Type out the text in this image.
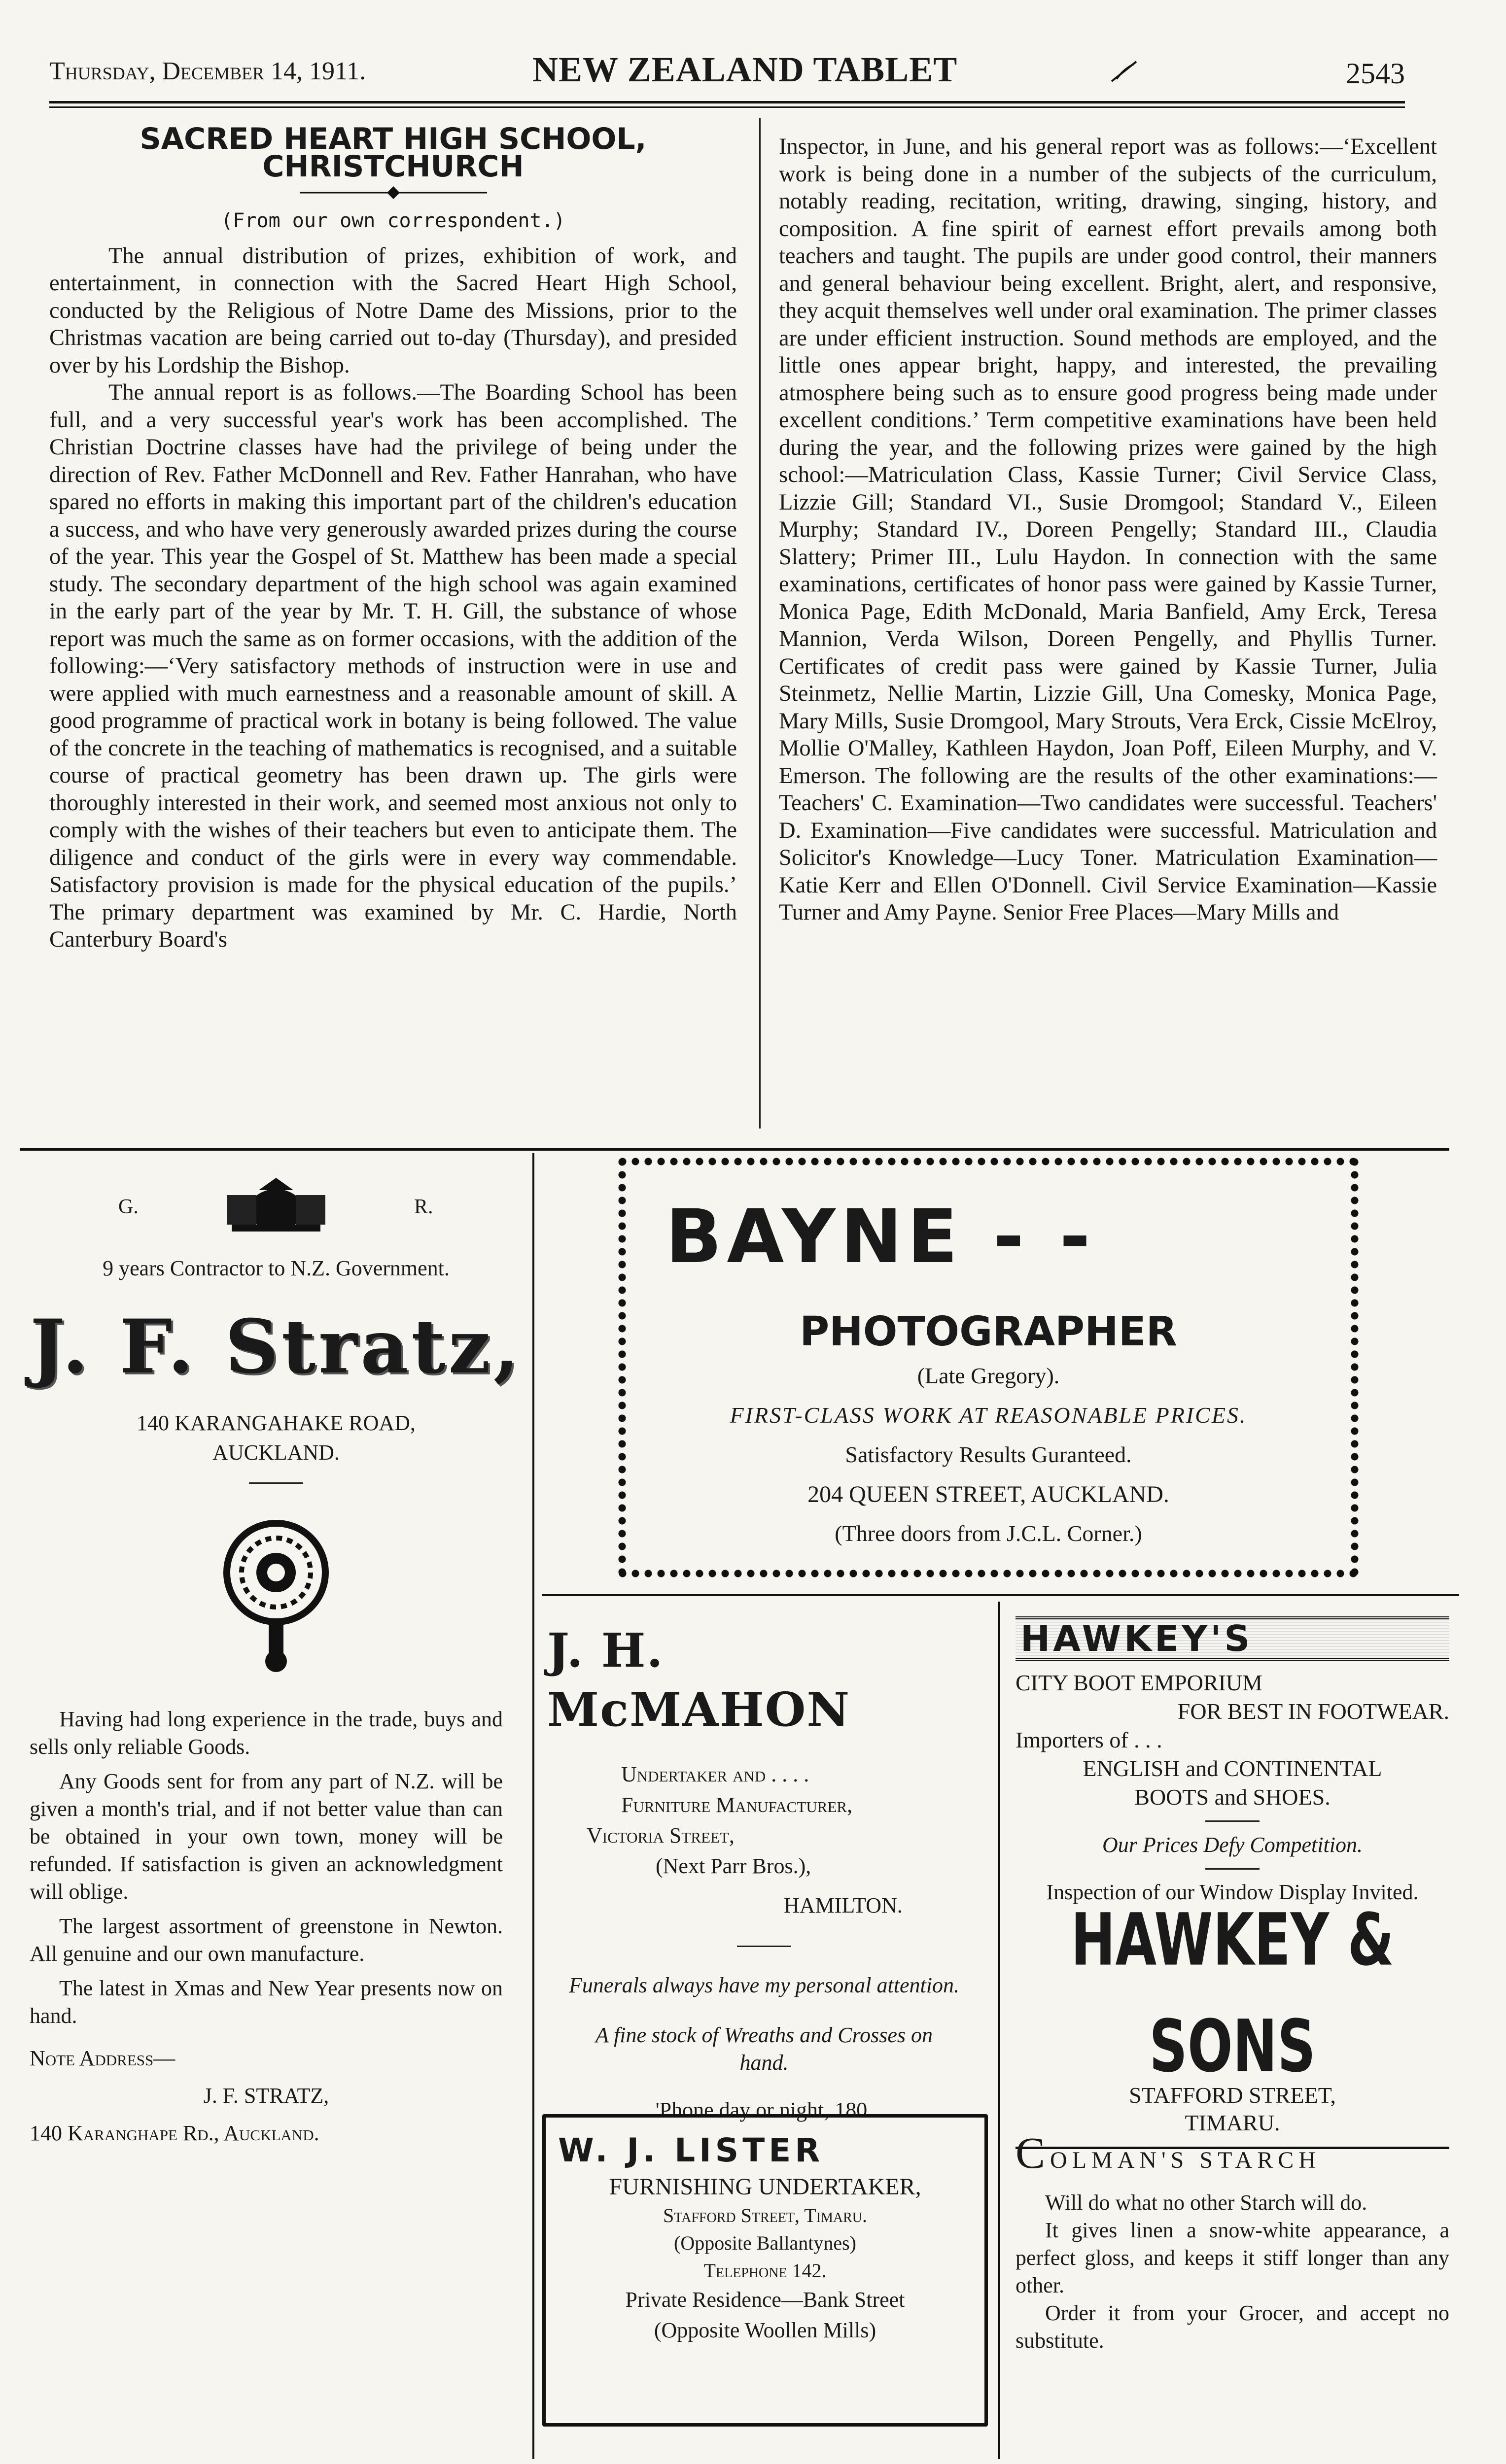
Thursday, December 14, 1911.	NEW ZEALAND TABLET	2543
SACRED HEART HIGH SCHOOL, CHRISTCHURCH
(From our own correspondent.)

The annual distribution of prizes, exhibition of work, and entertainment, in connection with the Sacred Heart High School, conducted by the Religious of Notre Dame des Missions, prior to the Christmas vacation are being carried out to-day (Thursday), and presided over by his Lordship the Bishop.

The annual report is as follows.—The Boarding School has been full, and a very successful year's work has been accomplished. The Christian Doctrine classes have had the privilege of being under the direction of Rev. Father McDonnell and Rev. Father Hanrahan, who have spared no efforts in making this important part of the children's education a success, and who have very generously awarded prizes during the course of the year. This year the Gospel of St. Matthew has been made a special study. The secondary department of the high school was again examined in the early part of the year by Mr. T. H. Gill, the substance of whose report was much the same as on former occasions, with the addition of the following:—‘Very satisfactory methods of instruction were in use and were applied with much earnestness and a reasonable amount of skill. A good programme of practical work in botany is being followed. The value of the concrete in the teaching of mathematics is recognised, and a suitable course of practical geometry has been drawn up. The girls were thoroughly interested in their work, and seemed most anxious not only to comply with the wishes of their teachers but even to anticipate them. The diligence and conduct of the girls were in every way commendable. Satisfactory provision is made for the physical education of the pupils.’ The primary department was examined by Mr. C. Hardie, North Canterbury Board's

Inspector, in June, and his general report was as follows:—‘Excellent work is being done in a number of the subjects of the curriculum, notably reading, recitation, writing, drawing, singing, history, and composition. A fine spirit of earnest effort prevails among both teachers and taught. The pupils are under good control, their manners and general behaviour being excellent. Bright, alert, and responsive, they acquit themselves well under oral examination. The primer classes are under efficient instruction. Sound methods are employed, and the little ones appear bright, happy, and interested, the prevailing atmosphere being such as to ensure good progress being made under excellent conditions.’ Term competitive examinations have been held during the year, and the following prizes were gained by the high school:—Matriculation Class, Kassie Turner; Civil Service Class, Lizzie Gill; Standard VI., Susie Dromgool; Standard V., Eileen Murphy; Standard IV., Doreen Pengelly; Standard III., Claudia Slattery; Primer III., Lulu Haydon. In connection with the same examinations, certificates of honor pass were gained by Kassie Turner, Monica Page, Edith McDonald, Maria Banfield, Amy Erck, Teresa Mannion, Verda Wilson, Doreen Pengelly, and Phyllis Turner. Certificates of credit pass were gained by Kassie Turner, Julia Steinmetz, Nellie Martin, Lizzie Gill, Una Comesky, Monica Page, Mary Mills, Susie Dromgool, Mary Strouts, Vera Erck, Cissie McElroy, Mollie O'Malley, Kathleen Haydon, Joan Poff, Eileen Murphy, and V. Emerson. The following are the results of the other examinations:—Teachers' C. Examination—Two candidates were successful. Teachers' D. Examination—Five candidates were successful. Matriculation and Solicitor's Knowledge—Lucy Toner. Matriculation Examination—Katie Kerr and Ellen O'Donnell. Civil Service Examination—Kassie Turner and Amy Payne. Senior Free Places—Mary Mills and

G.	R.
9 years Contractor to N.Z. Government.
J. F. Stratz,
140 KARANGAHAKE ROAD,
AUCKLAND.

Having had long experience in the trade, buys and sells only reliable Goods.

Any Goods sent for from any part of N.Z. will be given a month's trial, and if not better value than can be obtained in your own town, money will be refunded. If satisfaction is given an acknowledgment will oblige.

The largest assortment of greenstone in Newton. All genuine and our own manufacture.

The latest in Xmas and New Year presents now on hand.

Note Address—
J. F. STRATZ,
140 Karanghape Rd., Auckland.
BAYNE - -
PHOTOGRAPHER
(Late Gregory).
FIRST-CLASS WORK AT REASONABLE PRICES.
Satisfactory Results Guranteed.
204 QUEEN STREET, AUCKLAND.
(Three doors from J.C.L. Corner.)
J. H. McMAHON
Undertaker and . . . .
Furniture Manufacturer,
Victoria Street,
(Next Parr Bros.),
HAMILTON.
Funerals always have my personal attention.
A fine stock of Wreaths and Crosses on hand.
'Phone day or night, 180.
W. J. LISTER
FURNISHING UNDERTAKER,
Stafford Street, Timaru.
(Opposite Ballantynes)
Telephone 142.
Private Residence—Bank Street
(Opposite Woollen Mills)
HAWKEY'S
CITY BOOT EMPORIUM
FOR BEST IN FOOTWEAR.
Importers of . . .
ENGLISH and CONTINENTAL
BOOTS and SHOES.
Our Prices Defy Competition.
Inspection of our Window Display Invited.
HAWKEY & SONS
STAFFORD STREET,
TIMARU.
COLMAN'S STARCH

Will do what no other Starch will do.

It gives linen a snow-white appearance, a perfect gloss, and keeps it stiff longer than any other.

Order it from your Grocer, and accept no substitute.
